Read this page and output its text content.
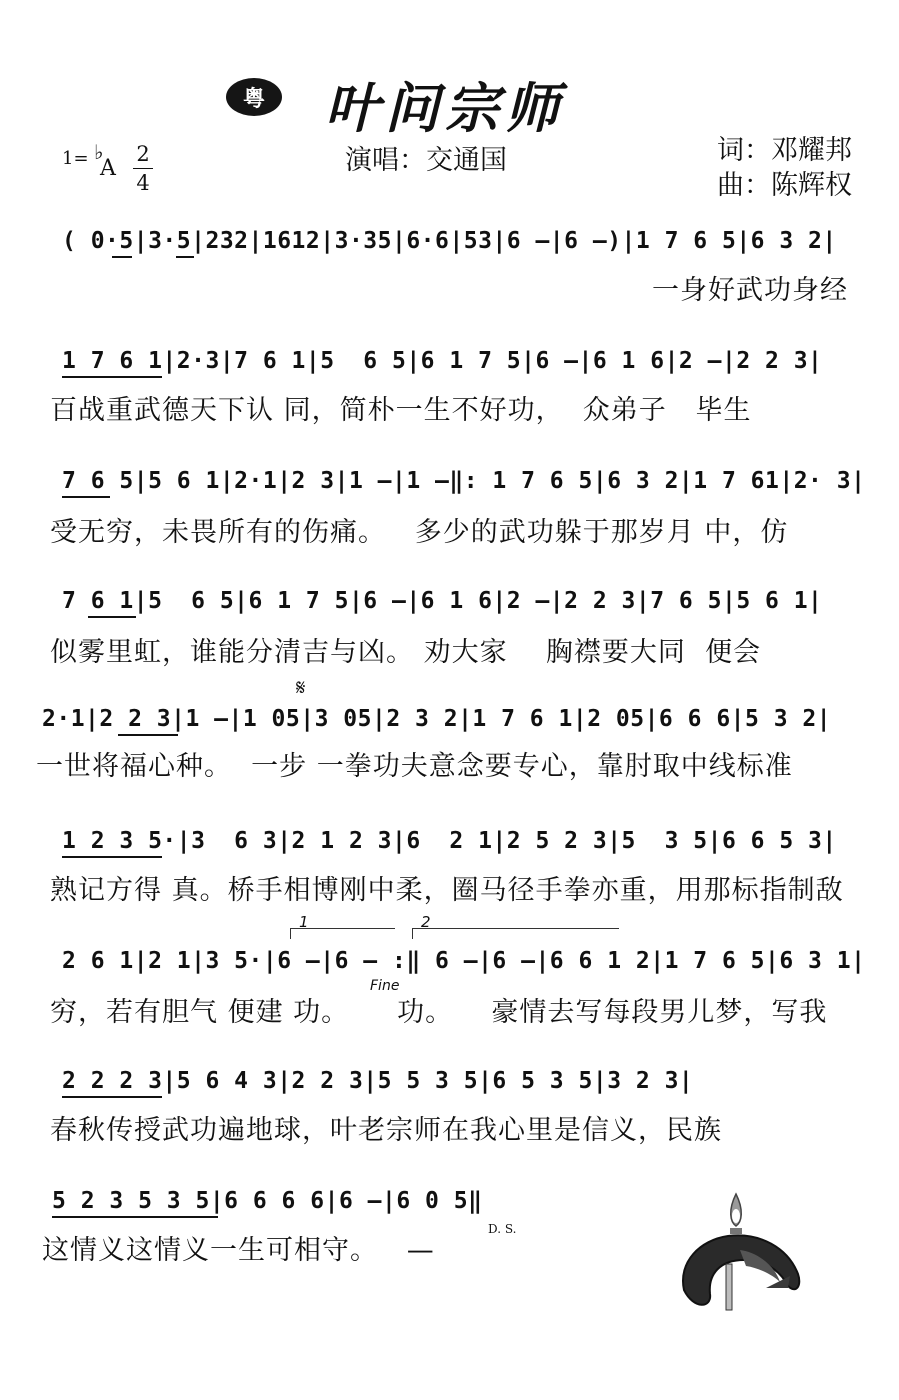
粤	叶问宗师
演唱：交通国	词：邓耀邦
曲：陈辉权
1= ♭
A
2
4
( 0·5|3·5|232|1612|3·35|6·6|53|6 –|6 –)|1 7 6 5|6 3 2|
一身好武功身经
1 7 6 1|2·3|7 6 1|5  6 5|6 1 7 5|6 –|6 1 6|2 –|2 2 3|
百战重武德天下认 同，简朴一生不好功，  众弟子   毕生
7 6 5|5 6 1|2·1|2 3|1 –|1 –‖: 1 7 6 5|6 3 2|1 7 61|2· 3|
受无穷，未畏所有的伤痛。   多少的武功躲于那岁月 中，仿
7 6 1|5  6 5|6 1 7 5|6 –|6 1 6|2 –|2 2 3|7 6 5|5 6 1|
似雾里虹，谁能分清吉与凶。 劝大家    胸襟要大同  便会
𝄋
2·1|2 2 3|1 –|1 05|3 05|2 3 2|1 7 6 1|2 05|6 6 6|5 3 2|
一世将福心种。  一步 一拳功夫意念要专心，靠肘取中线标准
1 2 3 5·|3  6 3|2 1 2 3|6  2 1|2 5 2 3|5  3 5|6 6 5 3|
熟记方得 真。桥手相博刚中柔，圈马径手拳亦重，用那标指制敌
1	2
2 6 1|2 1|3 5·|6 –|6 – :‖ 6 –|6 –|6 6 1 2|1 7 6 5|6 3 1|
Fine
穷，若有胆气 便建 功。     功。    豪情去写每段男儿梦，写我
2 2 2 3|5 6 4 3|2 2 3|5 5 3 5|6 5 3 5|3 2 3|
春秋传授武功遍地球，叶老宗师在我心里是信义，民族
5 2 3 5 3 5|6 6 6 6|6 –|6 0 5‖
这情义这情义一生可相守。   —
D. S.
